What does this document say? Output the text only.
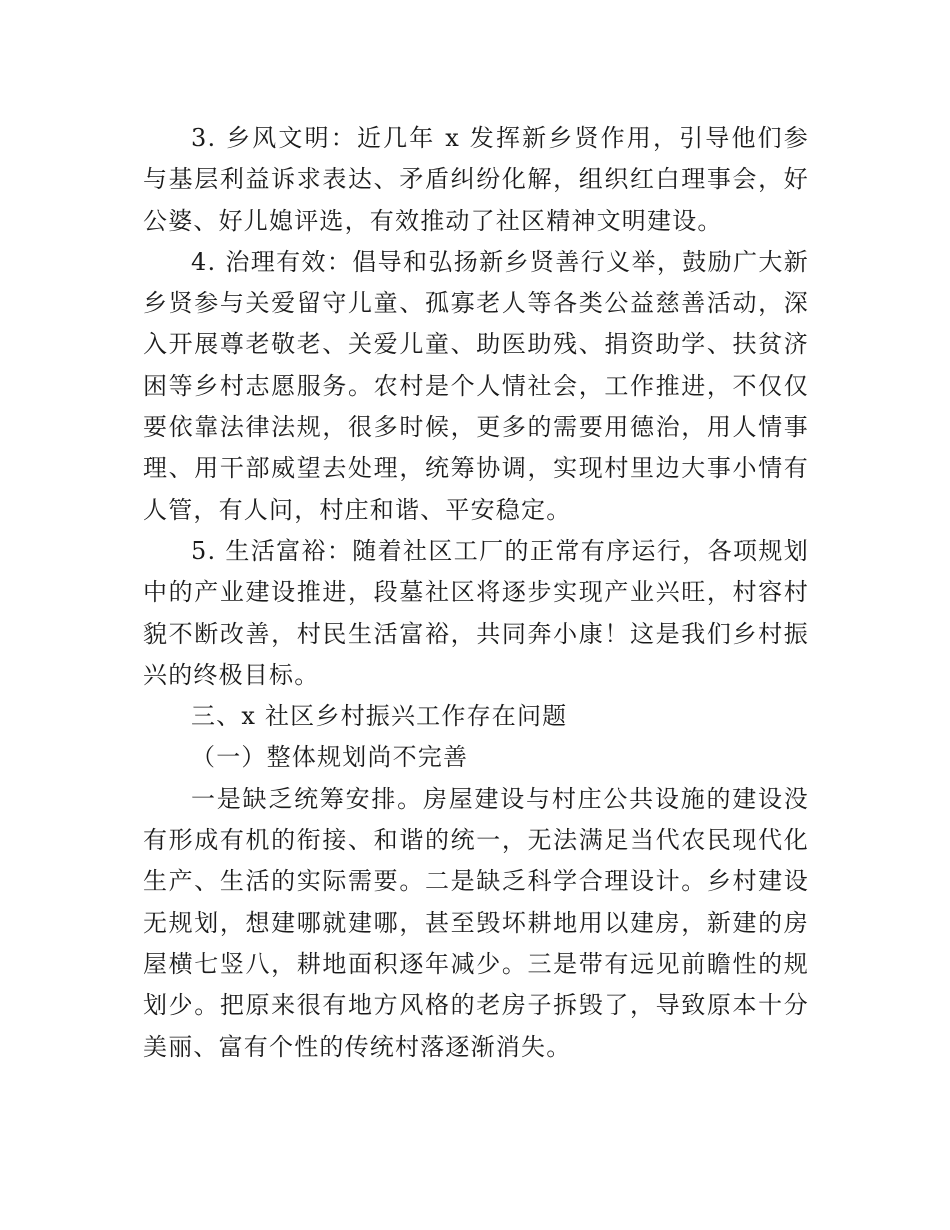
3. 乡风文明：近几年 x 发挥新乡贤作用，引导他们参与基层利益诉求表达、矛盾纠纷化解，组织红白理事会，好公婆、好儿媳评选，有效推动了社区精神文明建设。

4. 治理有效：倡导和弘扬新乡贤善行义举，鼓励广大新乡贤参与关爱留守儿童、孤寡老人等各类公益慈善活动，深入开展尊老敬老、关爱儿童、助医助残、捐资助学、扶贫济困等乡村志愿服务。农村是个人情社会，工作推进，不仅仅要依靠法律法规，很多时候，更多的需要用德治，用人情事理、用干部威望去处理，统筹协调，实现村里边大事小情有人管，有人问，村庄和谐、平安稳定。

5. 生活富裕：随着社区工厂的正常有序运行，各项规划中的产业建设推进，段墓社区将逐步实现产业兴旺，村容村貌不断改善，村民生活富裕，共同奔小康！这是我们乡村振兴的终极目标。

三、x 社区乡村振兴工作存在问题

（一）整体规划尚不完善

一是缺乏统筹安排。房屋建设与村庄公共设施的建设没有形成有机的衔接、和谐的统一，无法满足当代农民现代化生产、生活的实际需要。二是缺乏科学合理设计。乡村建设无规划，想建哪就建哪，甚至毁坏耕地用以建房，新建的房屋横七竖八，耕地面积逐年减少。三是带有远见前瞻性的规划少。把原来很有地方风格的老房子拆毁了，导致原本十分美丽、富有个性的传统村落逐渐消失。
